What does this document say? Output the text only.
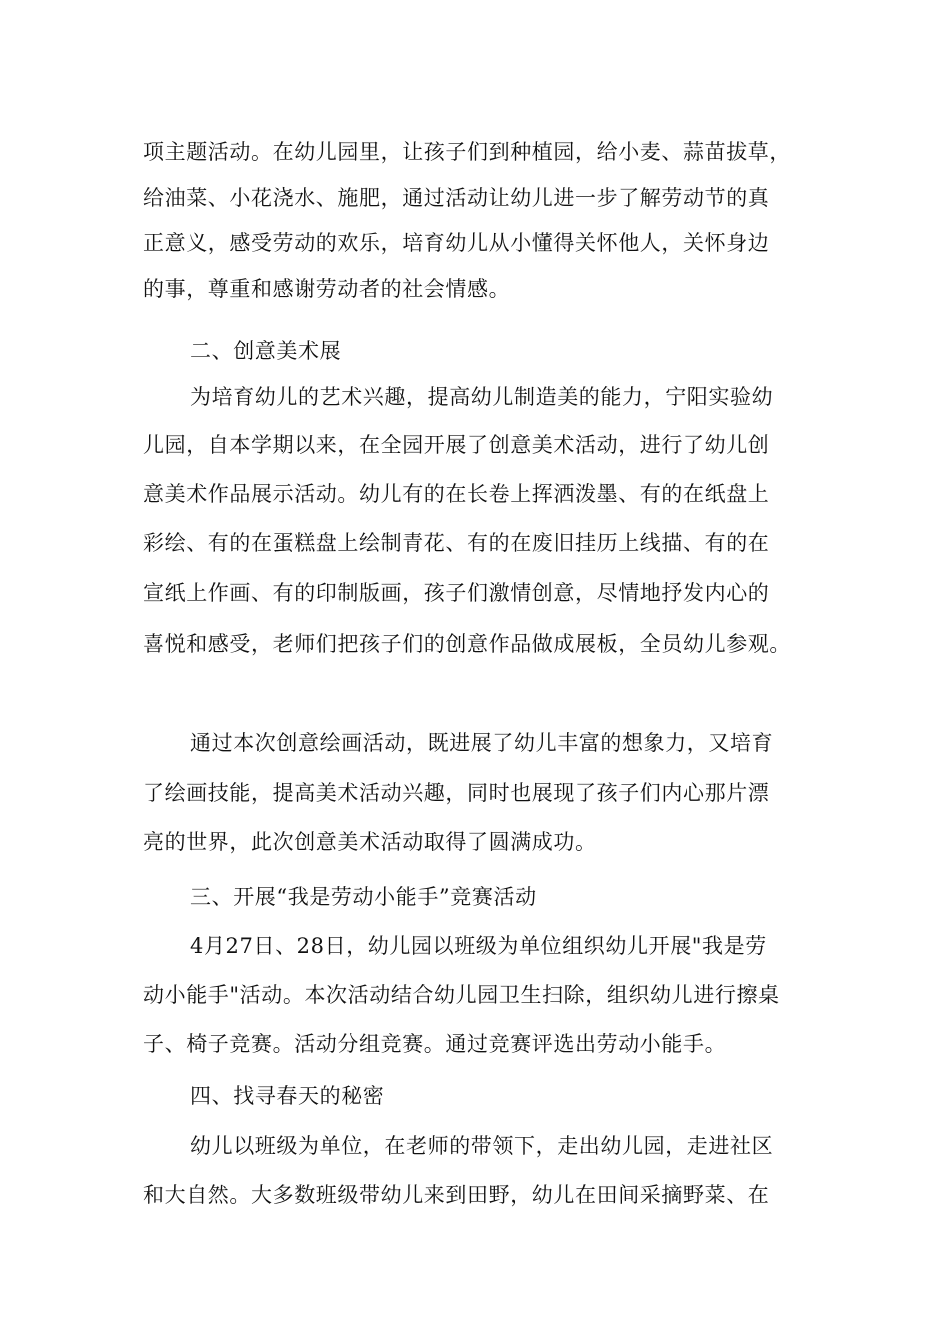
项主题活动。在幼儿园里，让孩子们到种植园，给小麦、蒜苗拔草，
给油菜、小花浇水、施肥，通过活动让幼儿进一步了解劳动节的真
正意义，感受劳动的欢乐，培育幼儿从小懂得关怀他人，关怀身边
的事，尊重和感谢劳动者的社会情感。
二、创意美术展
为培育幼儿的艺术兴趣，提高幼儿制造美的能力，宁阳实验幼
儿园，自本学期以来，在全园开展了创意美术活动，进行了幼儿创
意美术作品展示活动。幼儿有的在长卷上挥洒泼墨、有的在纸盘上
彩绘、有的在蛋糕盘上绘制青花、有的在废旧挂历上线描、有的在
宣纸上作画、有的印制版画，孩子们激情创意，尽情地抒发内心的
喜悦和感受，老师们把孩子们的创意作品做成展板，全员幼儿参观。
通过本次创意绘画活动，既进展了幼儿丰富的想象力，又培育
了绘画技能，提高美术活动兴趣，同时也展现了孩子们内心那片漂
亮的世界，此次创意美术活动取得了圆满成功。
三、开展“我是劳动小能手”竞赛活动
4月27日、28日，幼儿园以班级为单位组织幼儿开展"我是劳
动小能手"活动。本次活动结合幼儿园卫生扫除，组织幼儿进行擦桌
子、椅子竞赛。活动分组竞赛。通过竞赛评选出劳动小能手。
四、找寻春天的秘密
幼儿以班级为单位，在老师的带领下，走出幼儿园，走进社区
和大自然。大多数班级带幼儿来到田野，幼儿在田间采摘野菜、在
